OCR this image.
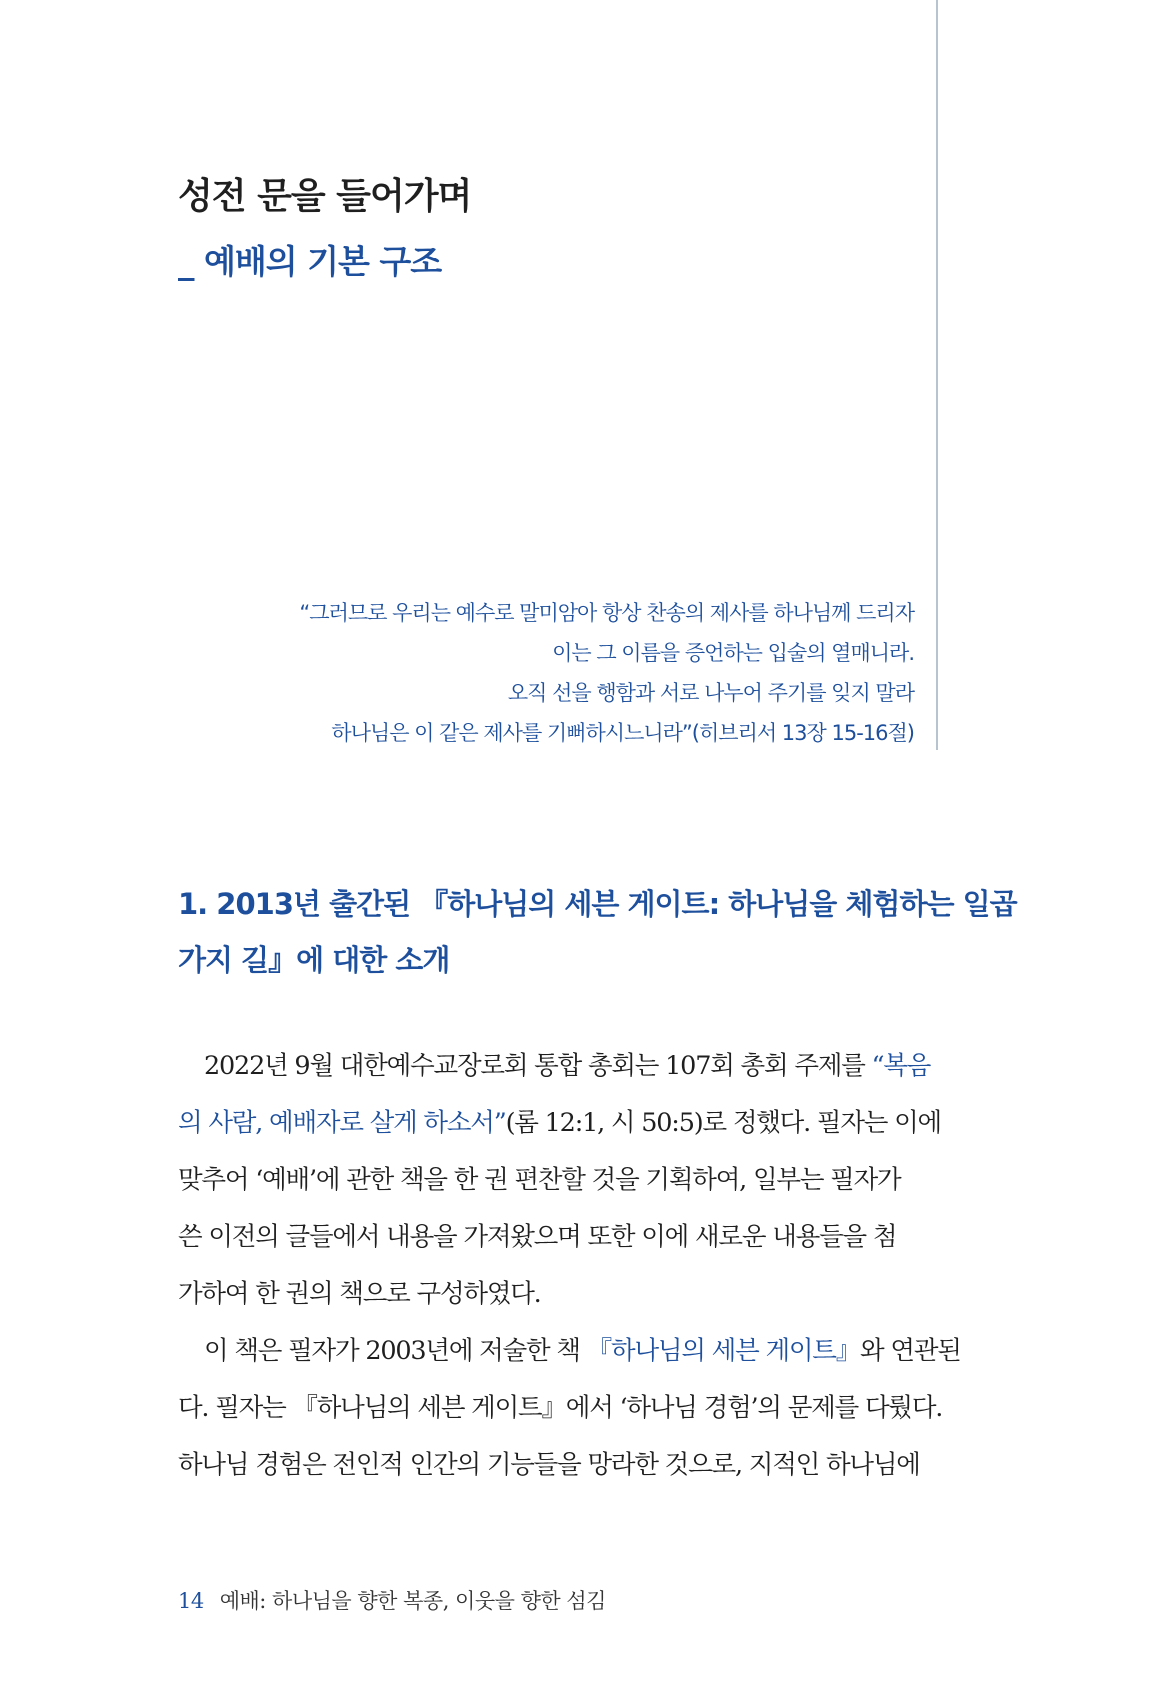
성전 문을 들어가며
_ 예배의 기본 구조
“그러므로 우리는 예수로 말미암아 항상 찬송의 제사를 하나님께 드리자
이는 그 이름을 증언하는 입술의 열매니라.
오직 선을 행함과 서로 나누어 주기를 잊지 말라
하나님은 이 같은 제사를 기뻐하시느니라”(히브리서 13장 15-16절)
1. 2013년 출간된 『하나님의 세븐 게이트: 하나님을 체험하는 일곱
가지 길』에 대한 소개
2022년 9월 대한예수교장로회 통합 총회는 107회 총회 주제를 “복음
의 사람, 예배자로 살게 하소서”(롬 12:1, 시 50:5)로 정했다. 필자는 이에
맞추어 ‘예배’에 관한 책을 한 권 편찬할 것을 기획하여, 일부는 필자가
쓴 이전의 글들에서 내용을 가져왔으며 또한 이에 새로운 내용들을 첨
가하여 한 권의 책으로 구성하였다.
이 책은 필자가 2003년에 저술한 책 『하나님의 세븐 게이트』와 연관된
다. 필자는 『하나님의 세븐 게이트』에서 ‘하나님 경험’의 문제를 다뤘다.
하나님 경험은 전인적 인간의 기능들을 망라한 것으로, 지적인 하나님에
14 예배: 하나님을 향한 복종, 이웃을 향한 섬김
